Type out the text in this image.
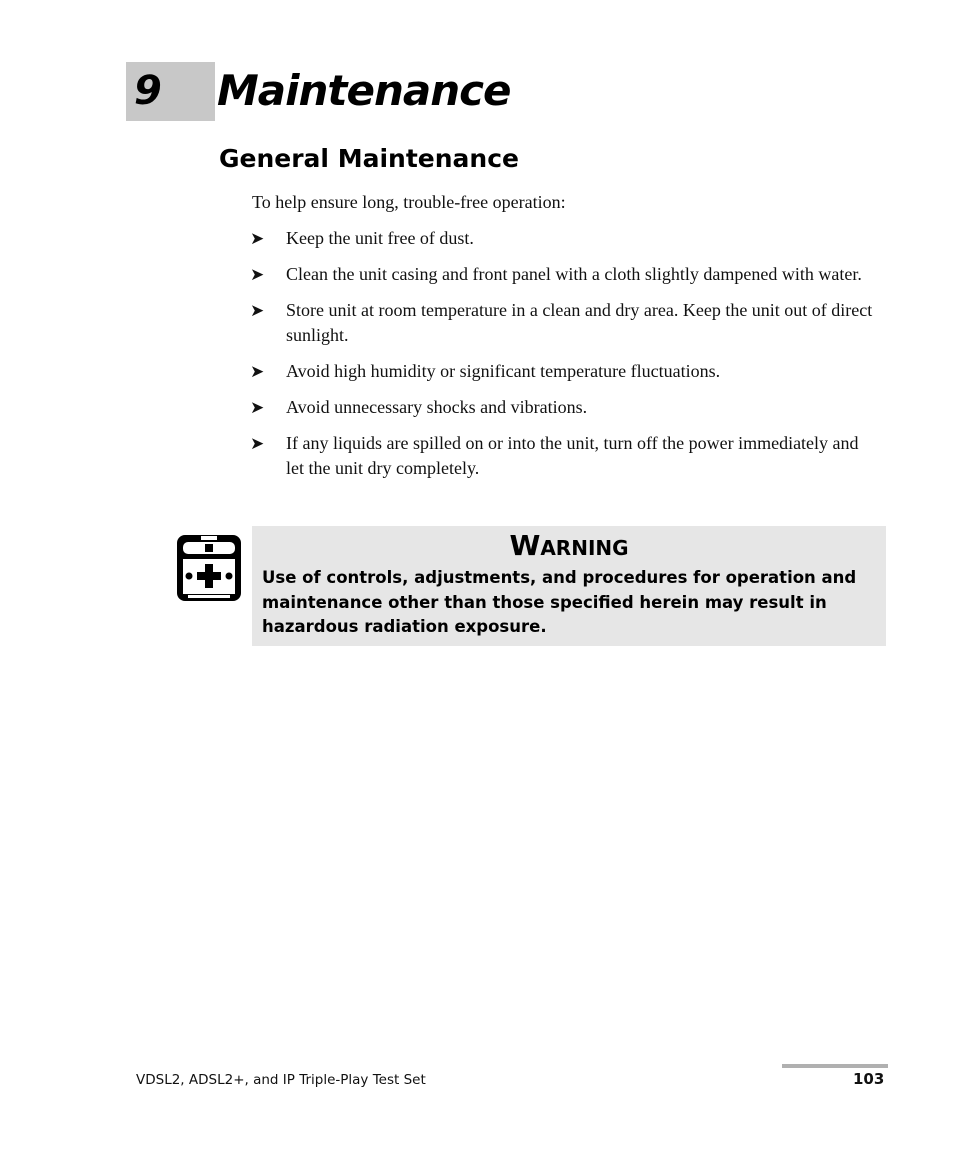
9 Maintenance
General Maintenance
To help ensure long, trouble-free operation:
➤	Keep the unit free of dust.
➤	Clean the unit casing and front panel with a cloth slightly dampened with water.
➤	Store unit at room temperature in a clean and dry area. Keep the unit out of direct sunlight.
➤	Avoid high humidity or significant temperature fluctuations.
➤	Avoid unnecessary shocks and vibrations.
➤	If any liquids are spilled on or into the unit, turn off the power immediately and let the unit dry completely.
Warning
Use of controls, adjustments, and procedures for operation and maintenance other than those specified herein may result in hazardous radiation exposure.
VDSL2, ADSL2+, and IP Triple-Play Test Set	103
